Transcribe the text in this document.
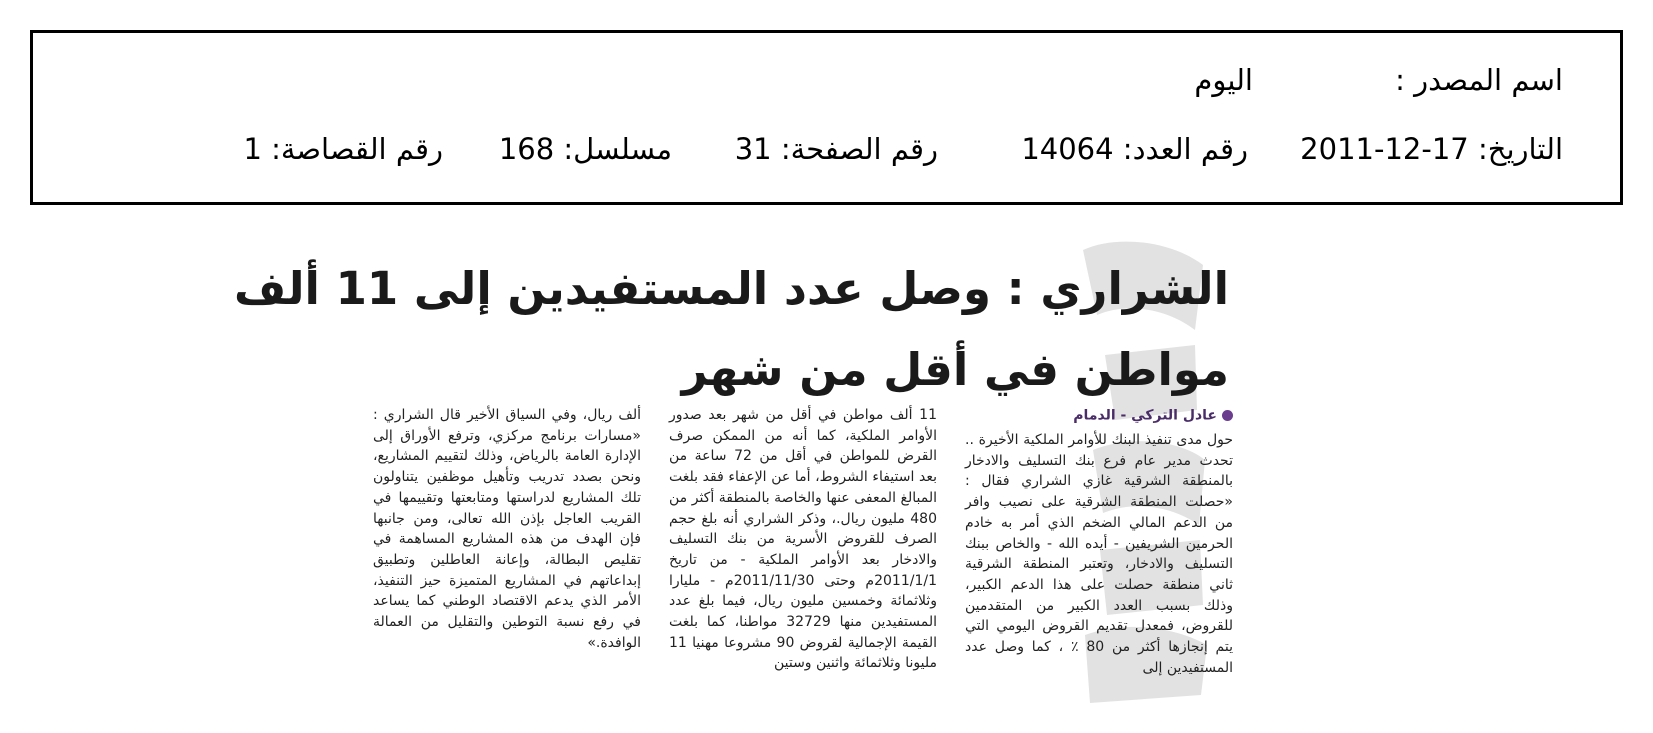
اسم المصدر :
اليوم
التاريخ: 17-12-2011
رقم العدد: 14064
رقم الصفحة: 31
مسلسل: 168
رقم القصاصة: 1
الشراري : وصل عدد المستفيدين إلى 11 ألف
مواطن في أقل من شهر
عادل التركي - الدمام
حول مدى تنفيذ البنك للأوامر الملكية الأخيرة .. تحدث مدير عام فرع بنك التسليف والادخار بالمنطقة الشرقية غازي الشراري فقال : «حصلت المنطقة الشرقية على نصيب وافر من الدعم المالي الضخم الذي أمر به خادم الحرمين الشريفين - أيده الله - والخاص ببنك التسليف والادخار، وتعتبر المنطقة الشرقية ثاني منطقة حصلت على هذا الدعم الكبير، وذلك بسبب العدد الكبير من المتقدمين للقروض، فمعدل تقديم القروض اليومي التي يتم إنجازها أكثر من 80 ٪ ، كما وصل عدد المستفيدين إلى
11 ألف مواطن في أقل من شهر بعد صدور الأوامر الملكية، كما أنه من الممكن صرف القرض للمواطن في أقل من 72 ساعة من بعد استيفاء الشروط، أما عن الإعفاء فقد بلغت المبالغ المعفى عنها والخاصة بالمنطقة أكثر من 480 مليون ريال.، وذكر الشراري أنه بلغ حجم الصرف للقروض الأسرية من بنك التسليف والادخار بعد الأوامر الملكية - من تاريخ 2011/1/1م وحتى 2011/11/30م - مليارا وثلاثمائة وخمسين مليون ريال، فيما بلغ عدد المستفيدين منها 32729 مواطنا، كما بلغت القيمة الإجمالية لقروض 90 مشروعا مهنيا 11 مليونا وثلاثمائة واثنين وستين
ألف ريال، وفي السياق الأخير قال الشراري : «مسارات برنامج مركزي، وترفع الأوراق إلى الإدارة العامة بالرياض، وذلك لتقييم المشاريع، ونحن بصدد تدريب وتأهيل موظفين يتناولون تلك المشاريع لدراستها ومتابعتها وتقييمها في القريب العاجل بإذن الله تعالى، ومن جانبها فإن الهدف من هذه المشاريع المساهمة في تقليص البطالة، وإعانة العاطلين وتطبيق إبداعاتهم في المشاريع المتميزة حيز التنفيذ، الأمر الذي يدعم الاقتصاد الوطني كما يساعد في رفع نسبة التوطين والتقليل من العمالة الوافدة.»
